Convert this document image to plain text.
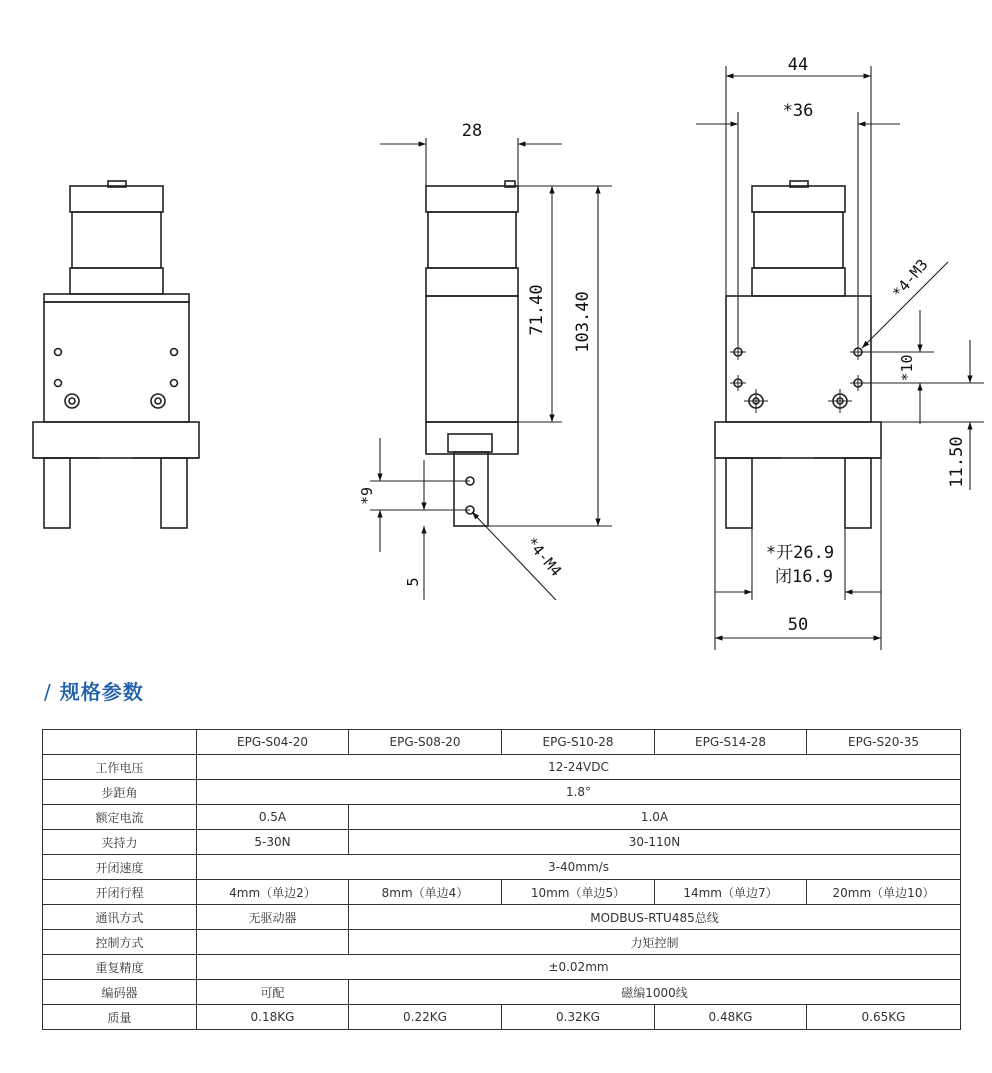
28
71.40 103.40
*9
5
*4-M4
44
*36
*4-M3
*10
11.50
*开26.9
闭16.9
50
/ 规格参数
	EPG-S04-20	EPG-S08-20	EPG-S10-28	EPG-S14-28	EPG-S20-35
工作电压	12-24VDC				
步距角	1.8°				
额定电流	0.5A	1.0A			
夹持力	5-30N	30-110N			
开闭速度	3-40mm/s				
开闭行程	4mm（单边2）	8mm（单边4）	10mm（单边5）	14mm（单边7）	20mm（单边10）
通讯方式	无驱动器	MODBUS-RTU485总线			
控制方式		力矩控制			
重复精度	±0.02mm				
编码器	可配	磁编1000线			
质量	0.18KG	0.22KG	0.32KG	0.48KG	0.65KG
